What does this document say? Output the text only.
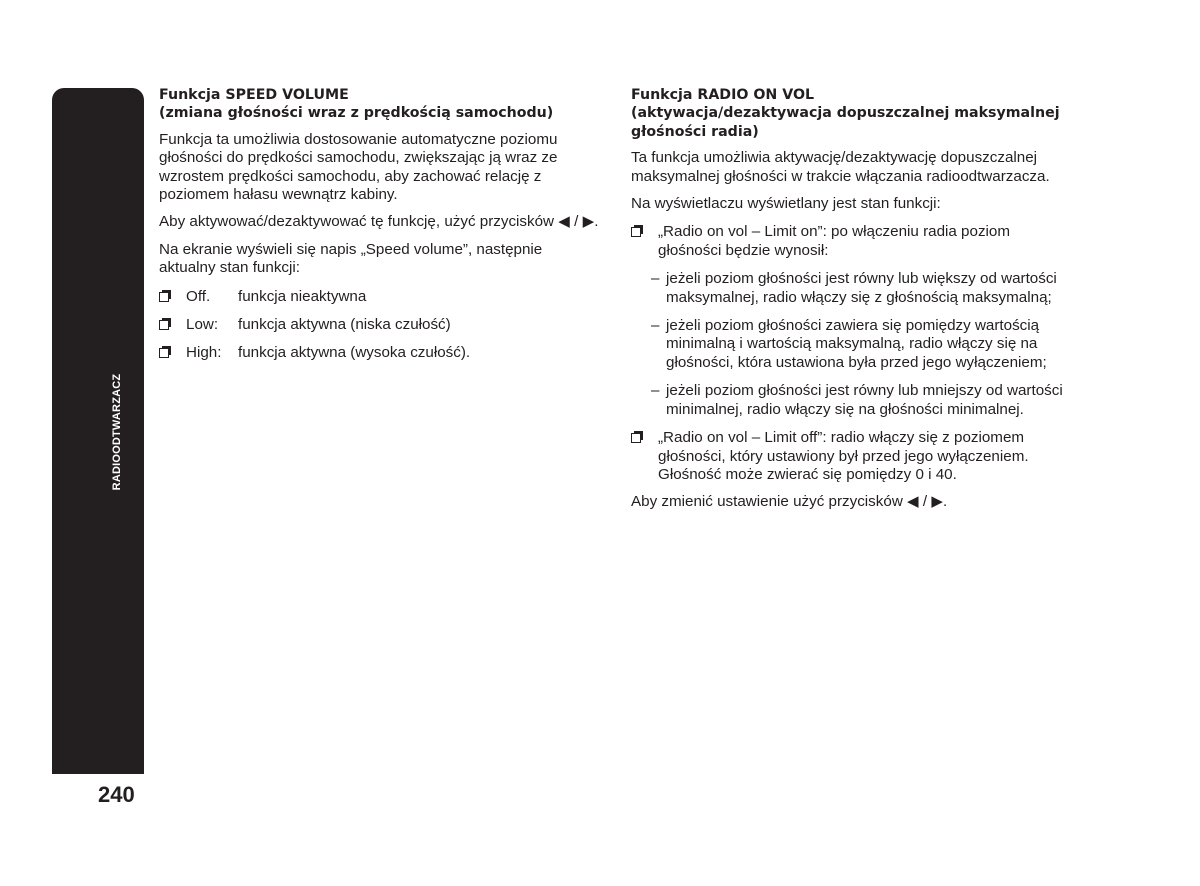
RADIOODTWARZACZ
240
Funkcja SPEED VOLUME
(zmiana głośności wraz z prędkością samochodu)

Funkcja ta umożliwia dostosowanie automatyczne poziomu głośności do prędkości samochodu, zwiększając ją wraz ze wzrostem prędkości samochodu, aby zachować relację z poziomem hałasu wewnątrz kabiny.

Aby aktywować/dezaktywować tę funkcję, użyć przycisków ◀ / ▶.

Na ekranie wyświeli się napis „Speed volume”, następnie aktualny stan funkcji:

Off. funkcja nieaktywna
Low: funkcja aktywna (niska czułość)
High: funkcja aktywna (wysoka czułość).
Funkcja RADIO ON VOL
(aktywacja/dezaktywacja dopuszczalnej maksymalnej
głośności radia)

Ta funkcja umożliwia aktywację/dezaktywację dopuszczalnej maksymalnej głośności w trakcie włączania radioodtwarzacza.

Na wyświetlaczu wyświetlany jest stan funkcji:

„Radio on vol – Limit on”: po włączeniu radia poziom głośności będzie wynosił:
– jeżeli poziom głośności jest równy lub większy od wartości maksymalnej, radio włączy się z głośnością maksymalną;
– jeżeli poziom głośności zawiera się pomiędzy wartością minimalną i wartością maksymalną, radio włączy się na głośności, która ustawiona była przed jego wyłączeniem;
– jeżeli poziom głośności jest równy lub mniejszy od wartości minimalnej, radio włączy się na głośności minimalnej.
„Radio on vol – Limit off”: radio włączy się z poziomem głośności, który ustawiony był przed jego wyłączeniem. Głośność może zwierać się pomiędzy 0 i 40.

Aby zmienić ustawienie użyć przycisków ◀ / ▶.
